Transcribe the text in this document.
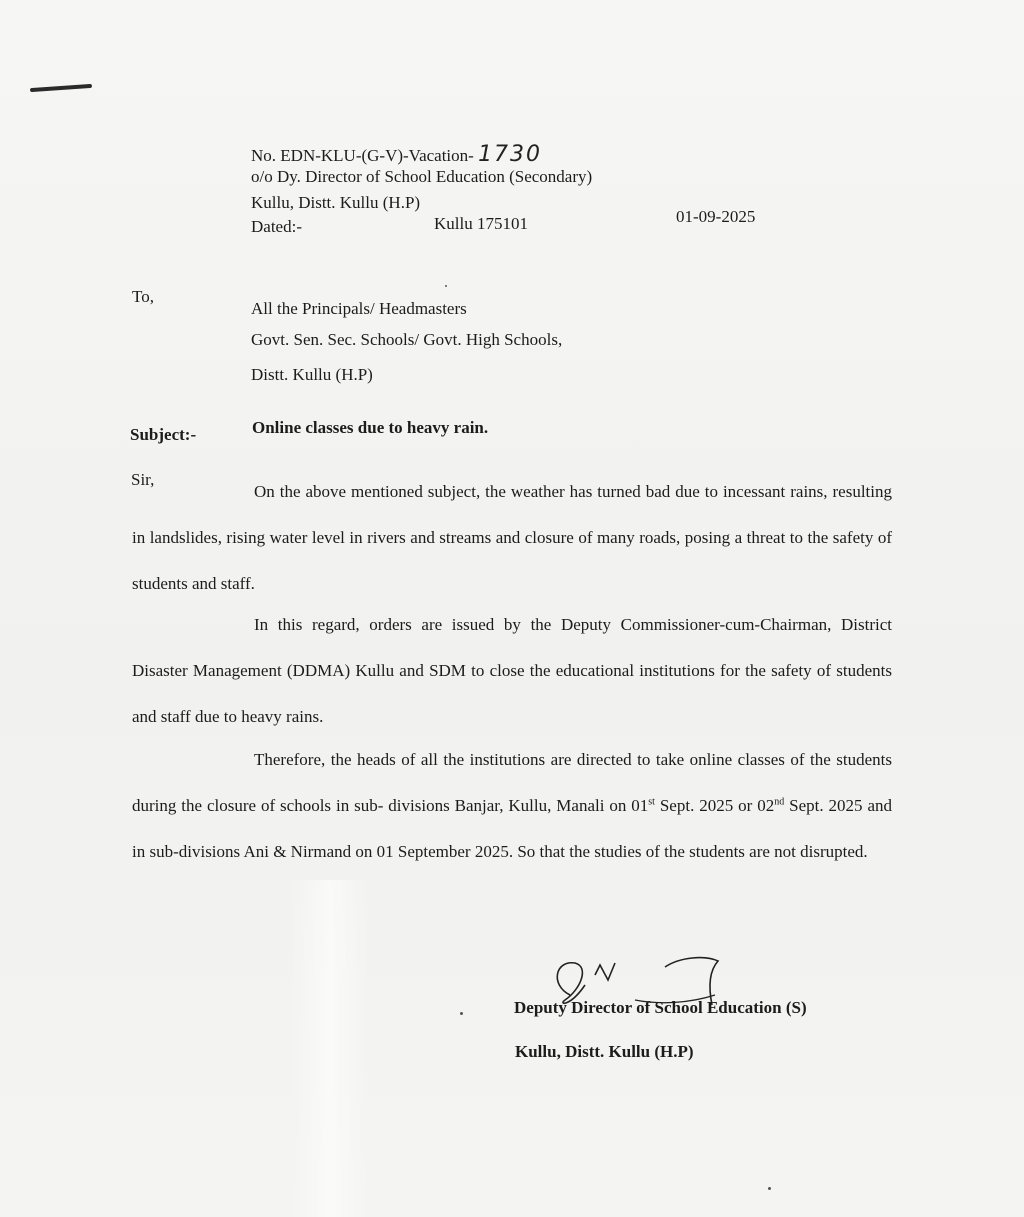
No. EDN-KLU-(G-V)-Vacation- 1730
o/o Dy. Director of School Education (Secondary)
Kullu, Distt. Kullu (H.P)
Dated:-	Kullu 175101	01-09-2025
To,
All the Principals/ Headmasters
Govt. Sen. Sec. Schools/ Govt. High Schools,
Distt. Kullu (H.P)
Subject:-	Online classes due to heavy rain.
Sir,
On the above mentioned subject, the weather has turned bad due to incessant rains, resulting in landslides, rising water level in rivers and streams and closure of many roads, posing a threat to the safety of students and staff.
In this regard, orders are issued by the Deputy Commissioner-cum-Chairman, District Disaster Management (DDMA) Kullu and SDM to close the educational institutions for the safety of students and staff due to heavy rains.
Therefore, the heads of all the institutions are directed to take online classes of the students during the closure of schools in sub- divisions Banjar, Kullu, Manali on 01st Sept. 2025 or 02nd Sept. 2025 and in sub-divisions Ani & Nirmand on 01 September 2025. So that the studies of the students are not disrupted.
Deputy Director of School Education (S)
Kullu, Distt. Kullu (H.P)
